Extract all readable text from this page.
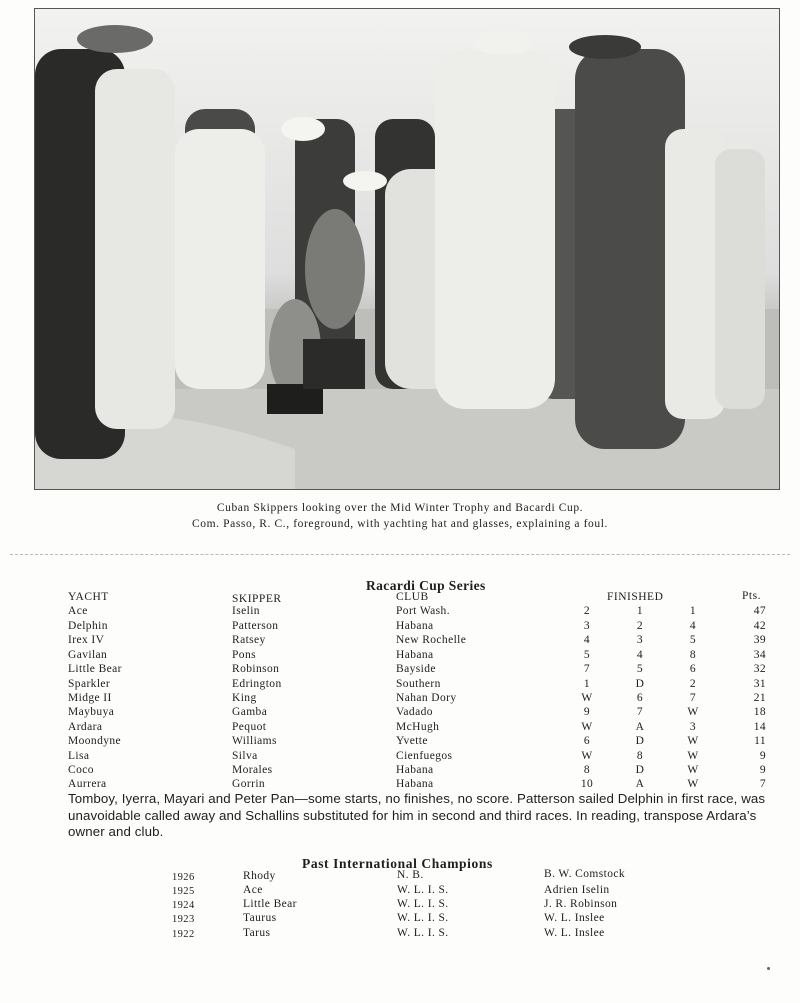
Cuban Skippers looking over the Mid Winter Trophy and Bacardi Cup.
Com. Passo, R. C., foreground, with yachting hat and glasses, explaining a foul.
Racardi Cup Series
YACHT	SKIPPER	CLUB	FINISHED	Pts.
Ace	Iselin	Port Wash.	2	1	1	47
Delphin	Patterson	Habana	3	2	4	42
Irex IV	Ratsey	New Rochelle	4	3	5	39
Gavilan	Pons	Habana	5	4	8	34
Little Bear	Robinson	Bayside	7	5	6	32
Sparkler	Edrington	Southern	1	D	2	31
Midge II	King	Nahan Dory	W	6	7	21
Maybuya	Gamba	Vadado	9	7	W	18
Ardara	Pequot	McHugh	W	A	3	14
Moondyne	Williams	Yvette	6	D	W	11
Lisa	Silva	Cienfuegos	W	8	W	9
Coco	Morales	Habana	8	D	W	9
Aurrera	Gorrin	Habana	10	A	W	7
Tomboy, Iyerra, Mayari and Peter Pan—some starts, no finishes, no score. Patterson sailed Delphin in first race, was unavoidable called away and Schallins substituted for him in second and third races. In reading, transpose Ardara’s owner and club.
Past International Champions
1926	Rhody	N. B.	B. W. Comstock
1925	Ace	W. L. I. S.	Adrien Iselin
1924	Little Bear	W. L. I. S.	J. R. Robinson
1923	Taurus	W. L. I. S.	W. L. Inslee
1922	Tarus	W. L. I. S.	W. L. Inslee
